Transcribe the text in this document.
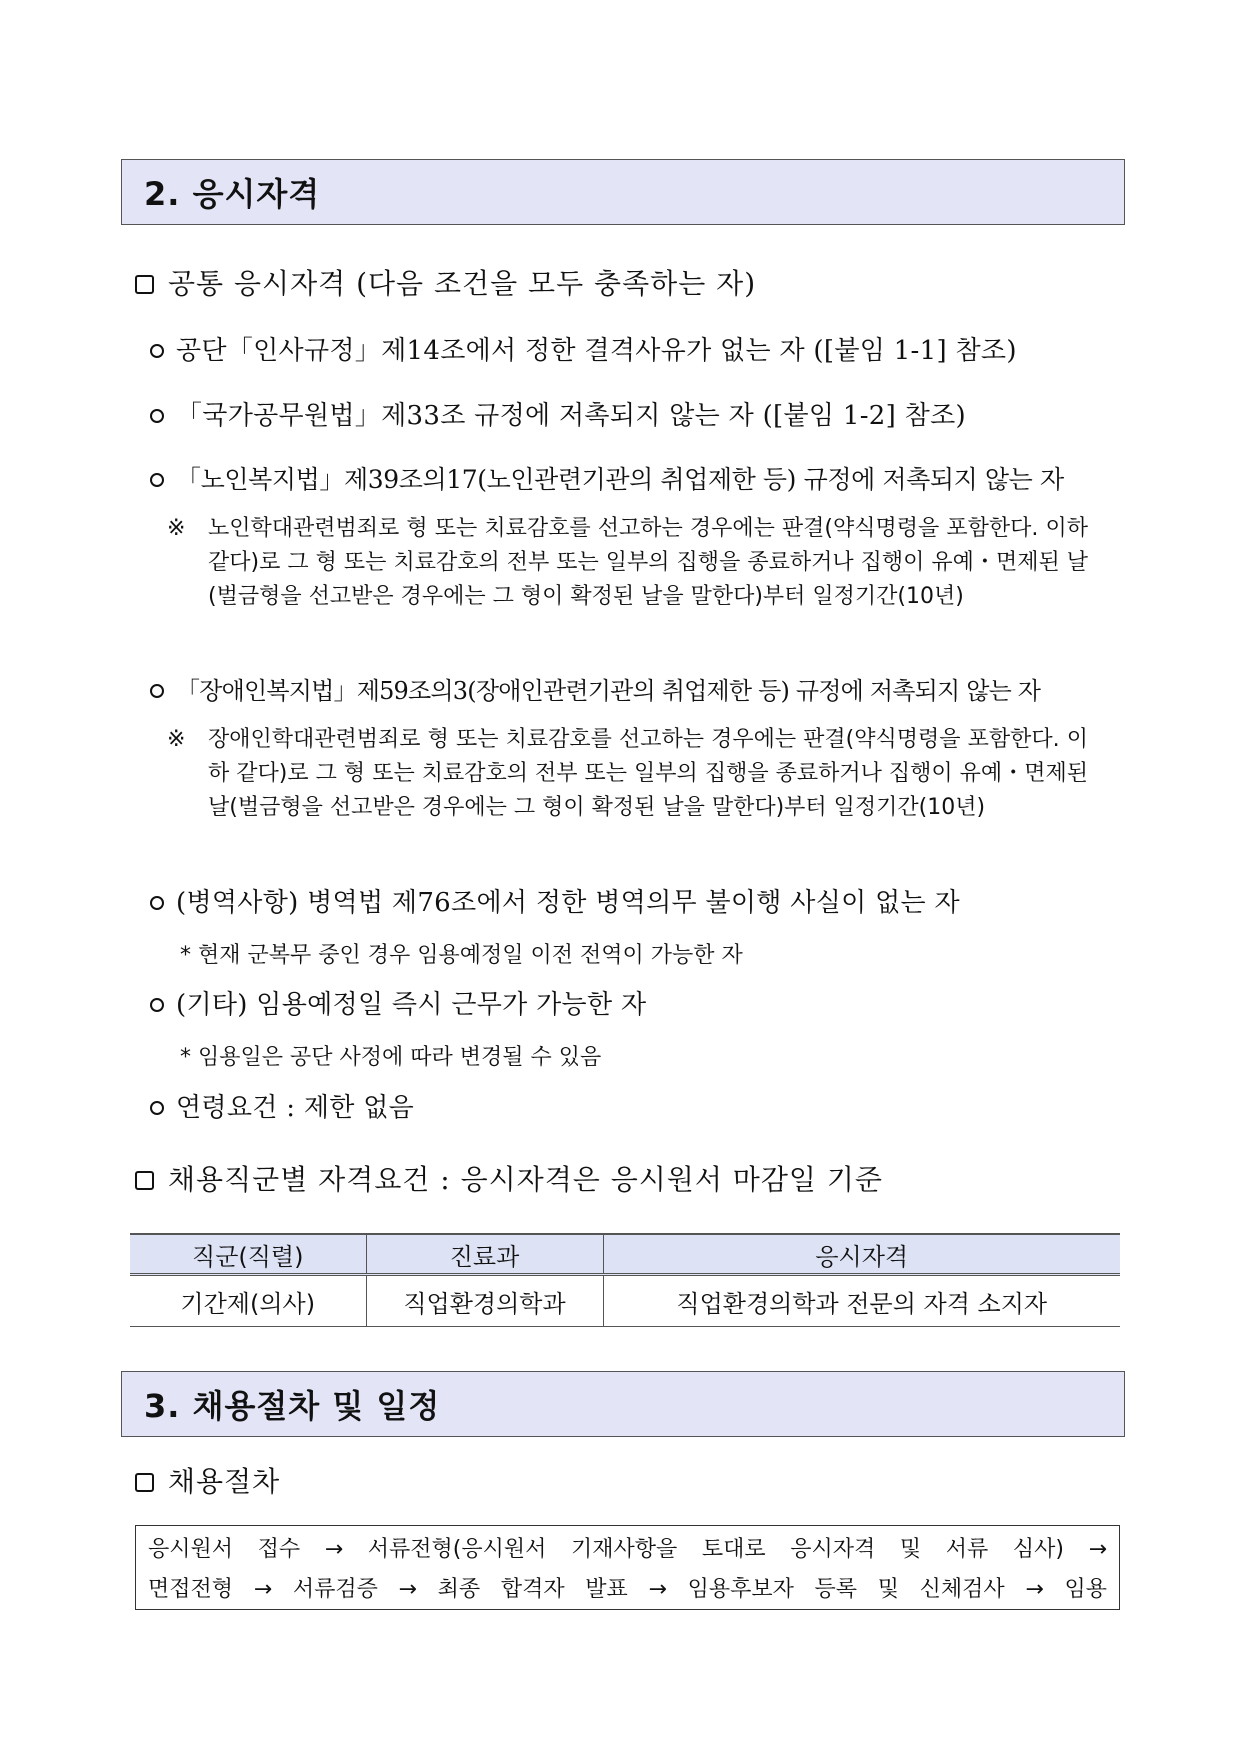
2. 응시자격
공통 응시자격 (다음 조건을 모두 충족하는 자)
공단「인사규정」제14조에서 정한 결격사유가 없는 자 ([붙임 1-1] 참조)
「국가공무원법」제33조 규정에 저촉되지 않는 자 ([붙임 1-2] 참조)
「노인복지법」제39조의17(노인관련기관의 취업제한 등) 규정에 저촉되지 않는 자
※	노인학대관련범죄로 형 또는 치료감호를 선고하는 경우에는 판결(약식명령을 포함한다. 이하 같다)로 그 형 또는 치료감호의 전부 또는 일부의 집행을 종료하거나 집행이 유예・면제된 날(벌금형을 선고받은 경우에는 그 형이 확정된 날을 말한다)부터 일정기간(10년)
「장애인복지법」제59조의3(장애인관련기관의 취업제한 등) 규정에 저촉되지 않는 자
※	장애인학대관련범죄로 형 또는 치료감호를 선고하는 경우에는 판결(약식명령을 포함한다. 이하 같다)로 그 형 또는 치료감호의 전부 또는 일부의 집행을 종료하거나 집행이 유예・면제된 날(벌금형을 선고받은 경우에는 그 형이 확정된 날을 말한다)부터 일정기간(10년)
(병역사항) 병역법 제76조에서 정한 병역의무 불이행 사실이 없는 자
* 현재 군복무 중인 경우 임용예정일 이전 전역이 가능한 자
(기타) 임용예정일 즉시 근무가 가능한 자
* 임용일은 공단 사정에 따라 변경될 수 있음
연령요건 : 제한 없음
채용직군별 자격요건 : 응시자격은 응시원서 마감일 기준
직군(직렬)	진료과	응시자격
기간제(의사)	직업환경의학과	직업환경의학과 전문의 자격 소지자
3. 채용절차 및 일정
채용절차
응시원서 접수 → 서류전형(응시원서 기재사항을 토대로 응시자격 및 서류 심사) →
면접전형 → 서류검증 → 최종 합격자 발표 → 임용후보자 등록 및 신체검사 → 임용
